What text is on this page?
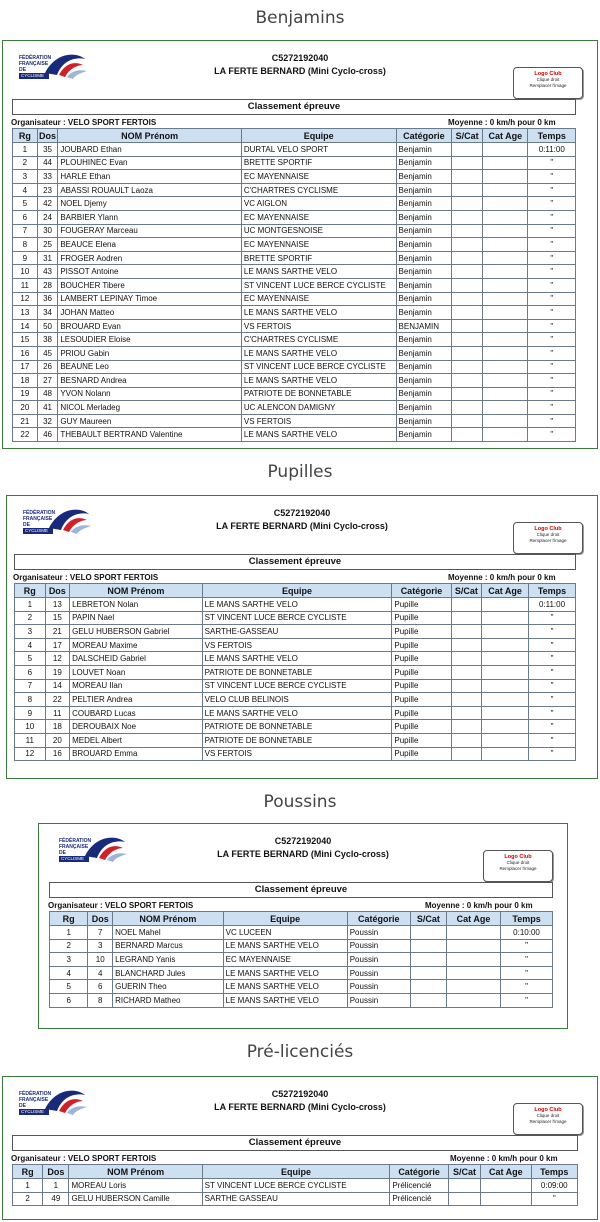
Benjamins
FÉDÉRATION FRANÇAISE DE
CYCLISME
C5272192040
LA FERTE BERNARD (Mini Cyclo-cross)	Logo Club
Clique droit
Remplacer l'image
Classement épreuve
Organisateur : VELO SPORT FERTOIS	Moyenne : 0 km/h pour 0 km
Rg	Dos	NOM Prénom	Equipe	Catégorie	S/Cat	Cat Age	Temps
1	35	JOUBARD Ethan	DURTAL VELO SPORT	Benjamin			0:11:00
2	44	PLOUHINEC Evan	BRETTE SPORTIF	Benjamin			"
3	33	HARLE Ethan	EC MAYENNAISE	Benjamin			"
4	23	ABASSI ROUAULT Laoza	C'CHARTRES CYCLISME	Benjamin			"
5	42	NOEL Djemy	VC AIGLON	Benjamin			"
6	24	BARBIER Ylann	EC MAYENNAISE	Benjamin			"
7	30	FOUGERAY Marceau	UC MONTGESNOISE	Benjamin			"
8	25	BEAUCE Elena	EC MAYENNAISE	Benjamin			"
9	31	FROGER Aodren	BRETTE SPORTIF	Benjamin			"
10	43	PISSOT Antoine	LE MANS SARTHE VELO	Benjamin			"
11	28	BOUCHER Tibere	ST VINCENT LUCE BERCE CYCLISTE	Benjamin			"
12	36	LAMBERT LEPINAY Timoe	EC MAYENNAISE	Benjamin			"
13	34	JOHAN Matteo	LE MANS SARTHE VELO	Benjamin			"
14	50	BROUARD Evan	VS FERTOIS	BENJAMIN			"
15	38	LESOUDIER Eloise	C'CHARTRES CYCLISME	Benjamin			"
16	45	PRIOU Gabin	LE MANS SARTHE VELO	Benjamin			"
17	26	BEAUNE Leo	ST VINCENT LUCE BERCE CYCLISTE	Benjamin			"
18	27	BESNARD Andrea	LE MANS SARTHE VELO	Benjamin			"
19	48	YVON Nolann	PATRIOTE DE BONNETABLE	Benjamin			"
20	41	NICOL Merladeg	UC ALENCON DAMIGNY	Benjamin			"
21	32	GUY Maureen	VS FERTOIS	Benjamin			"
22	46	THEBAULT BERTRAND Valentine	LE MANS SARTHE VELO	Benjamin			"
Pupilles
FÉDÉRATION FRANÇAISE DE
CYCLISME
C5272192040
LA FERTE BERNARD (Mini Cyclo-cross)	Logo Club
Clique droit
Remplacer l'image
Classement épreuve
Organisateur : VELO SPORT FERTOIS	Moyenne : 0 km/h pour 0 km
Rg	Dos	NOM Prénom	Equipe	Catégorie	S/Cat	Cat Age	Temps
1	13	LEBRETON Nolan	LE MANS SARTHE VELO	Pupille			0:11:00
2	15	PAPIN Nael	ST VINCENT LUCE BERCE CYCLISTE	Pupille			"
3	21	GELU HUBERSON Gabriel	SARTHE-GASSEAU	Pupille			"
4	17	MOREAU Maxime	VS FERTOIS	Pupille			"
5	12	DALSCHEID Gabriel	LE MANS SARTHE VELO	Pupille			"
6	19	LOUVET Noan	PATRIOTE DE BONNETABLE	Pupille			"
7	14	MOREAU Ilan	ST VINCENT LUCE BERCE CYCLISTE	Pupille			"
8	22	PELTIER Andrea	VELO CLUB BELINOIS	Pupille			"
9	11	COUBARD Lucas	LE MANS SARTHE VELO	Pupille			"
10	18	DEROUBAIX Noe	PATRIOTE DE BONNETABLE	Pupille			"
11	20	MEDEL Albert	PATRIOTE DE BONNETABLE	Pupille			"
12	16	BROUARD Emma	VS FERTOIS	Pupille			"
Poussins
FÉDÉRATION FRANÇAISE DE
CYCLISME
C5272192040
LA FERTE BERNARD (Mini Cyclo-cross)	Logo Club
Clique droit
Remplacer l'image
Classement épreuve
Organisateur : VELO SPORT FERTOIS	Moyenne : 0 km/h pour 0 km
Rg	Dos	NOM Prénom	Equipe	Catégorie	S/Cat	Cat Age	Temps
1	7	NOEL Mahel	VC LUCEEN	Poussin			0:10:00
2	3	BERNARD Marcus	LE MANS SARTHE VELO	Poussin			"
3	10	LEGRAND Yanis	EC MAYENNAISE	Poussin			"
4	4	BLANCHARD Jules	LE MANS SARTHE VELO	Poussin			"
5	6	GUERIN Theo	LE MANS SARTHE VELO	Poussin			"
6	8	RICHARD Matheo	LE MANS SARTHE VELO	Poussin			"
Pré-licenciés
FÉDÉRATION FRANÇAISE DE
CYCLISME
C5272192040
LA FERTE BERNARD (Mini Cyclo-cross)	Logo Club
Clique droit
Remplacer l'image
Classement épreuve
Organisateur : VELO SPORT FERTOIS	Moyenne : 0 km/h pour 0 km
Rg	Dos	NOM Prénom	Equipe	Catégorie	S/Cat	Cat Age	Temps
1	1	MOREAU Loris	ST VINCENT LUCE BERCE CYCLISTE	Prélicencié			0:09:00
2	49	GELU HUBERSON Camille	SARTHE GASSEAU	Prélicencié			"
